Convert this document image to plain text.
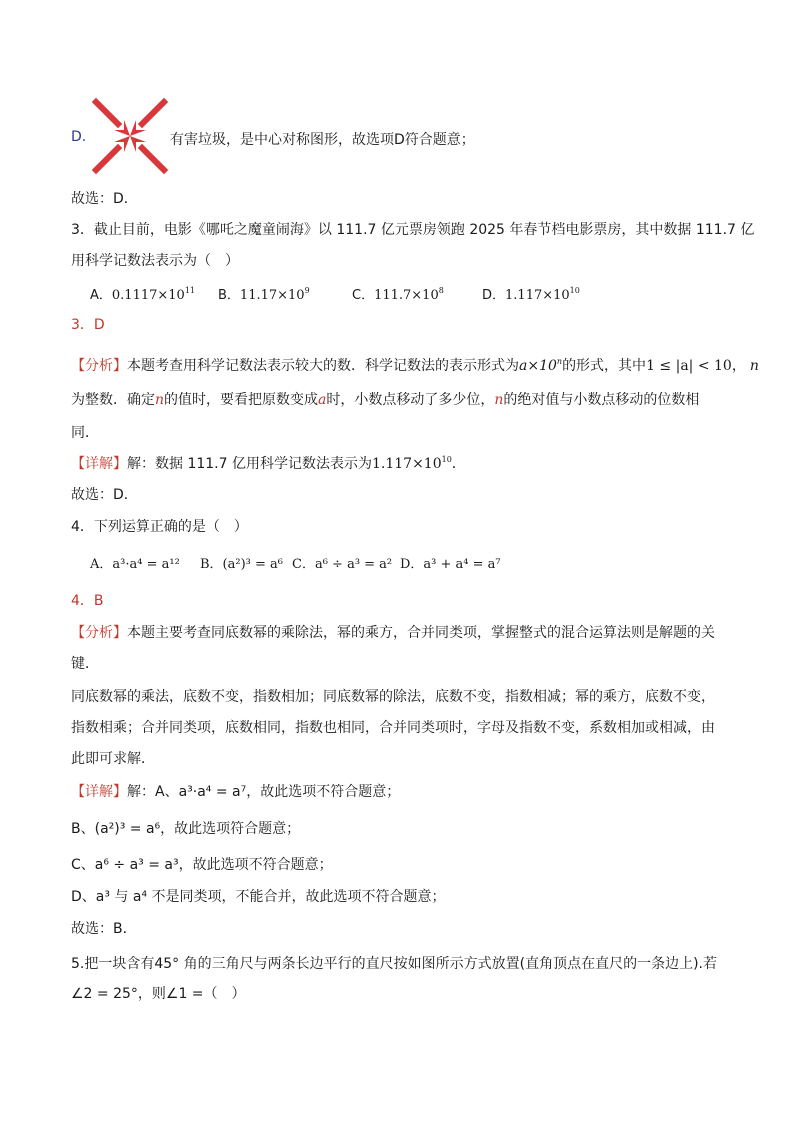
D.	有害垃圾，是中心对称图形，故选项D符合题意；
故选：D．
3．截止目前，电影《哪吒之魔童闹海》以 111.7 亿元票房领跑 2025 年春节档电影票房，其中数据 111.7 亿
用科学记数法表示为（　）
A．$0.1117\times 10^{11}$ B．$11.17\times 10^9$	C．$111.7\times 10^8$	D．$1.117\times 10^{10}$
3．D
【分析】本题考查用科学记数法表示较大的数．科学记数法的表示形式为$a\times 10^n$的形式，其中1 ≤ |a| < 10， n
为整数．确定n的值时，要看把原数变成a时，小数点移动了多少位，n的绝对值与小数点移动的位数相
同．
【详解】解：数据 111.7 亿用科学记数法表示为$1.117\times 10^{10}$．
故选：D．
4．下列运算正确的是（　）
A．a³·a⁴ = a¹² B．(a²)³ = a⁶ C．a⁶ ÷ a³ = a² D．a³ + a⁴ = a⁷
4．B
【分析】本题主要考查同底数幂的乘除法，幂的乘方，合并同类项，掌握整式的混合运算法则是解题的关
键．
同底数幂的乘法，底数不变，指数相加；同底数幂的除法，底数不变，指数相减；幂的乘方，底数不变，
指数相乘；合并同类项，底数相同，指数也相同，合并同类项时，字母及指数不变，系数相加或相减，由
此即可求解．
【详解】解：A、a³·a⁴ = a⁷，故此选项不符合题意；
B、(a²)³ = a⁶，故此选项符合题意；
C、a⁶ ÷ a³ = a³，故此选项不符合题意；
D、a³ 与 a⁴ 不是同类项，不能合并，故此选项不符合题意；
故选：B．
5.把一块含有45° 角的三角尺与两条长边平行的直尺按如图所示方式放置(直角顶点在直尺的一条边上).若
∠2 = 25°，则∠1 =（　）
